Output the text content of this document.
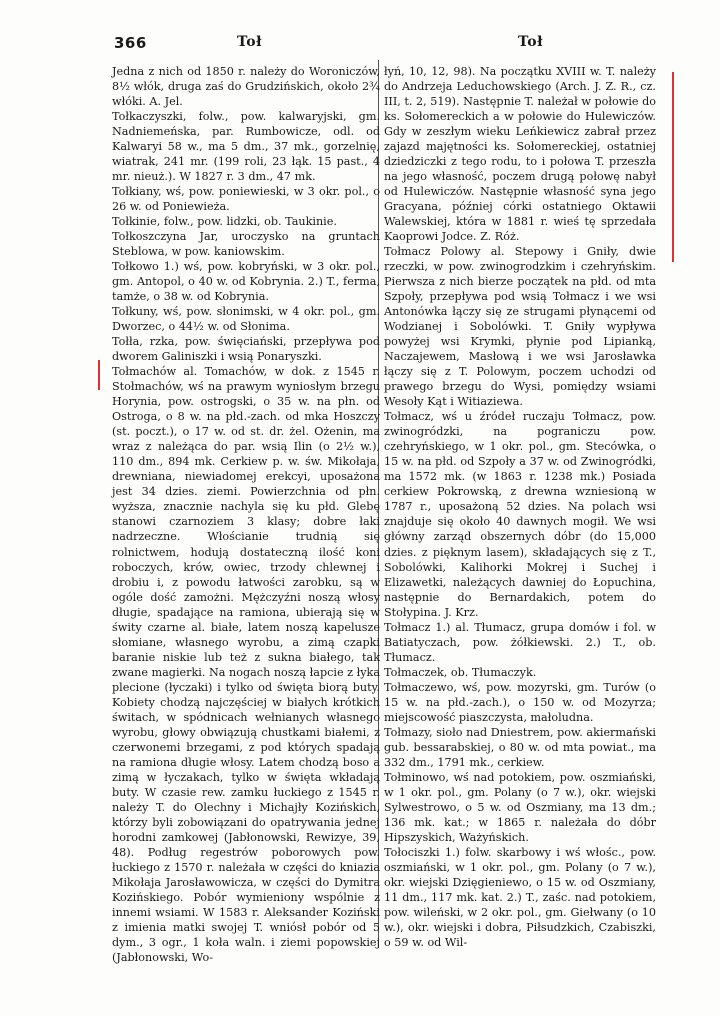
366	Toł	Toł

Jedna z nich od 1850 r. należy do Woroniczów, 8½ włók, druga zaś do Grudzińskich, około 2¾ włóki. A. Jel.

Tołkaczyszki, folw., pow. kalwaryjski, gm. Nadniemeńska, par. Rumbowicze, odl. od Kalwaryi 58 w., ma 5 dm., 37 mk., gorzelnię, wiatrak, 241 mr. (199 roli, 23 łąk. 15 past., 4 mr. nieuż.). W 1827 r. 3 dm., 47 mk.

Tołkiany, wś, pow. poniewieski, w 3 okr. pol., o 26 w. od Poniewieża.

Tołkinie, folw., pow. lidzki, ob. Taukinie.

Tołkoszczyna Jar, uroczysko na gruntach Steblowa, w pow. kaniowskim.

Tołkowo 1.) wś, pow. kobryński, w 3 okr. pol., gm. Antopol, o 40 w. od Kobrynia. 2.) T., ferma, tamże, o 38 w. od Kobrynia.

Tołkuny, wś, pow. słonimski, w 4 okr. pol., gm. Dworzec, o 44½ w. od Słonima.

Tołła, rzka, pow. święciański, przepływa pod dworem Galiniszki i wsią Ponaryszki.

Tołmachów al. Tomachów, w dok. z 1545 r. Stołmachów, wś na prawym wyniosłym brzegu Horynia, pow. ostrogski, o 35 w. na płn. od Ostroga, o 8 w. na płd.-zach. od mka Hoszczy (st. poczt.), o 17 w. od st. dr. żel. Ożenin, ma wraz z należąca do par. wsią Ilin (o 2½ w.), 110 dm., 894 mk. Cerkiew p. w. św. Mikołaja, drewniana, niewiadomej erekcyi, uposażona jest 34 dzies. ziemi. Powierzchnia od płn. wyższa, znacznie nachyla się ku płd. Glebę stanowi czarnoziem 3 klasy; dobre łaki nadrzeczne. Włościanie trudnią się rolnictwem, hodują dostateczną ilość koni roboczych, krów, owiec, trzody chlewnej i drobiu i, z powodu łatwości zarobku, są w ogóle dość zamożni. Mężczyźni noszą włosy długie, spadające na ramiona, ubierają się w świty czarne al. białe, latem noszą kapelusze słomiane, własnego wyrobu, a zimą czapki baranie niskie lub też z sukna białego, tak zwane magierki. Na nogach noszą łapcie z łyka plecione (łyczaki) i tylko od święta biorą buty. Kobiety chodzą najczęściej w białych krótkich świtach, w spódnicach wełnianych własnego wyrobu, głowy obwiązują chustkami białemi, z czerwonemi brzegami, z pod których spadają na ramiona długie włosy. Latem chodzą boso a zimą w łyczakach, tylko w święta wkładają buty. W czasie rew. zamku łuckiego z 1545 r. należy T. do Olechny i Michajły Kozińskich, którzy byli zobowiązani do opatrywania jednej horodni zamkowej (Jabłonowski, Rewizye, 39, 48). Podług regestrów poborowych pow. łuckiego z 1570 r. należała w części do kniazia Mikołaja Jarosławowicza, w części do Dymitra Kozińskiego. Pobór wymieniony wspólnie z innemi wsiami. W 1583 r. Aleksander Koziński z imienia matki swojej T. wniósł pobór od 5 dym., 3 ogr., 1 koła waln. i ziemi popowskiej (Jabłonowski, Wo-

łyń, 10, 12, 98). Na początku XVIII w. T. należy do Andrzeja Leduchowskiego (Arch. J. Z. R., cz. III, t. 2, 519). Następnie T. należał w połowie do ks. Sołomereckich a w połowie do Hulewiczów. Gdy w zeszłym wieku Leńkiewicz zabrał przez zajazd majętności ks. Sołomereckiej, ostatniej dziedziczki z tego rodu, to i połowa T. przeszła na jego własność, poczem drugą połowę nabył od Hulewiczów. Następnie własność syna jego Gracyana, później córki ostatniego Oktawii Walewskiej, która w 1881 r. wieś tę sprzedała Kaoprowi Jodce. Z. Róż.

Tołmacz Polowy al. Stepowy i Gniły, dwie rzeczki, w pow. zwinogrodzkim i czehryńskim. Pierwsza z nich bierze początek na płd. od mta Szpoły, przepływa pod wsią Tołmacz i we wsi Antonówka łączy się ze strugami płynącemi od Wodzianej i Sobolówki. T. Gniły wypływa powyżej wsi Krymki, płynie pod Lipianką, Naczajewem, Masłową i we wsi Jarosławka łączy się z T. Polowym, poczem uchodzi od prawego brzegu do Wysi, pomiędzy wsiami Wesoły Kąt i Witiaziewa.

Tołmacz, wś u źródeł ruczaju Tołmacz, pow. zwinogródzki, na pograniczu pow. czehryńskiego, w 1 okr. pol., gm. Stecówka, o 15 w. na płd. od Szpoły a 37 w. od Zwinogródki, ma 1572 mk. (w 1863 r. 1238 mk.) Posiada cerkiew Pokrowską, z drewna wzniesioną w 1787 r., uposażoną 52 dzies. Na polach wsi znajduje się około 40 dawnych mogił. We wsi główny zarząd obszernych dóbr (do 15,000 dzies. z pięknym lasem), składających się z T., Sobolówki, Kalihorki Mokrej i Suchej i Elizawetki, należących dawniej do Łopuchina, następnie do Bernardakich, potem do Stołypina. J. Krz.

Tołmacz 1.) al. Tłumacz, grupa domów i fol. w Batiatyczach, pow. żółkiewski. 2.) T., ob. Tłumacz.

Tołmaczek, ob. Tłumaczyk.

Tołmaczewo, wś, pow. mozyrski, gm. Turów (o 15 w. na płd.-zach.), o 150 w. od Mozyrza; miejscowość piaszczysta, małoludna.

Tołmazy, sioło nad Dniestrem, pow. akiermański gub. bessarabskiej, o 80 w. od mta powiat., ma 332 dm., 1791 mk., cerkiew.

Tołminowo, wś nad potokiem, pow. oszmiański, w 1 okr. pol., gm. Polany (o 7 w.), okr. wiejski Sylwestrowo, o 5 w. od Oszmiany, ma 13 dm.; 136 mk. kat.; w 1865 r. należała do dóbr Hipszyskich, Ważyńskich.

Tołociszki 1.) folw. skarbowy i wś włośc., pow. oszmiański, w 1 okr. pol., gm. Polany (o 7 w.), okr. wiejski Dzięgieniewo, o 15 w. od Oszmiany, 11 dm., 117 mk. kat. 2.) T., zaśc. nad potokiem, pow. wileński, w 2 okr. pol., gm. Giełwany (o 10 w.), okr. wiejski i dobra, Piłsudzkich, Czabiszki, o 59 w. od Wil-
